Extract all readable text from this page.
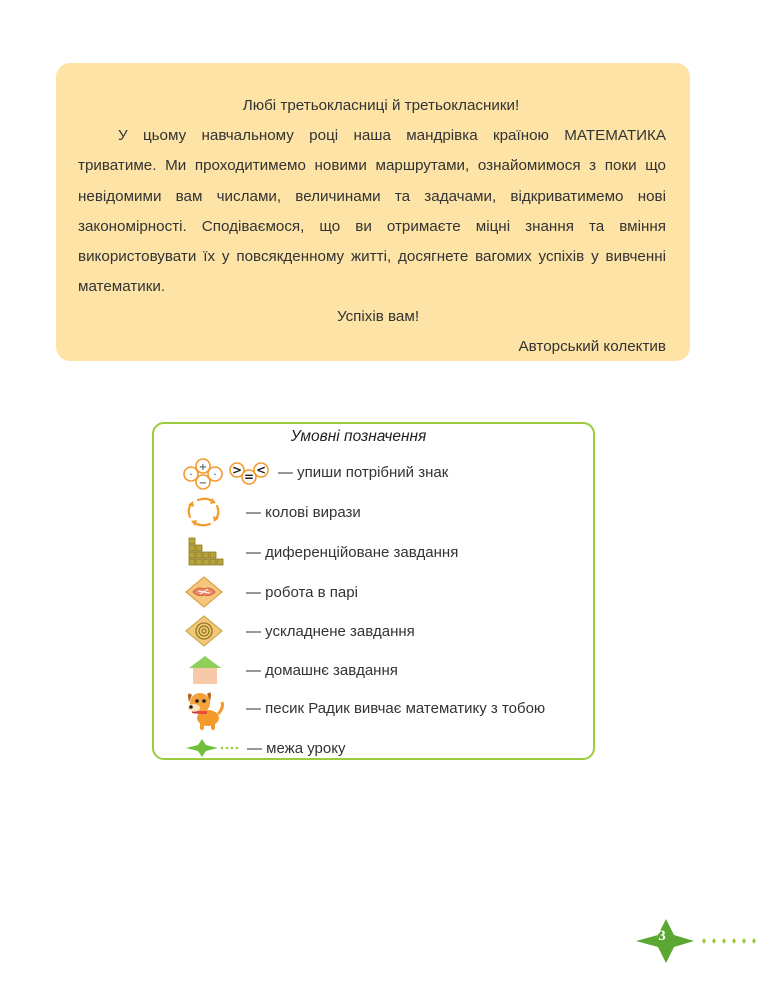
Любі третьокласниці й третьокласники!

У цьому навчальному році наша мандрівка країною МАТЕМАТИКА триватиме. Ми проходитимемо новими маршрутами, ознайомимося з поки що невідомими вам числами, величинами та задачами, відкриватимемо нові закономірності. Сподіваємося, що ви отримаєте міцні знання та вміння використовувати їх у повсякденному житті, досягнете вагомих успіхів у вивченні математики.

Успіхів вам!

Авторський колектив

Умовні позначення
·
+
·
−
> = < — упиши потрібний знак
— колові вирази
— диференційоване завдання
— робота в парі
— ускладнене завдання
— домашнє завдання
— песик Радик вивчає математику з тобою
— межа уроку
3
